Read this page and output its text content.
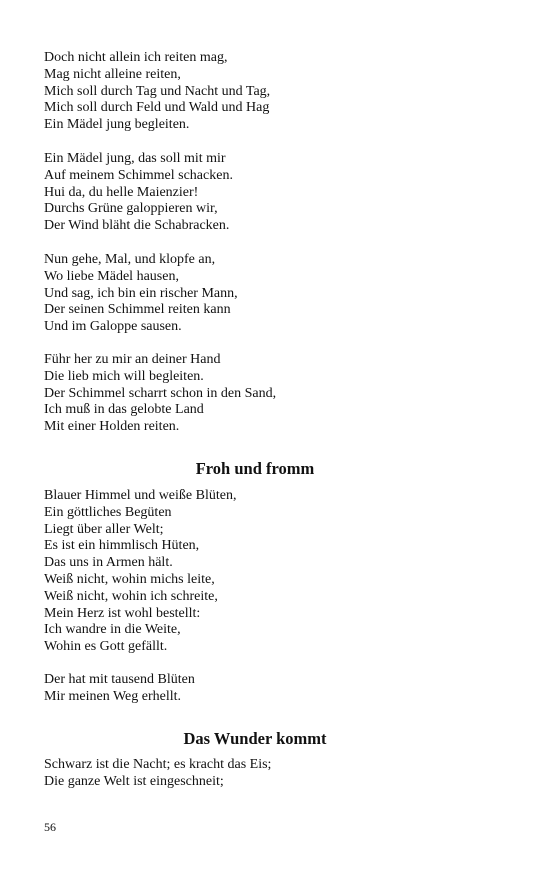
Doch nicht allein ich reiten mag,
Mag nicht alleine reiten,
Mich soll durch Tag und Nacht und Tag,
Mich soll durch Feld und Wald und Hag
Ein Mädel jung begleiten.
Ein Mädel jung, das soll mit mir
Auf meinem Schimmel schacken.
Hui da, du helle Maienzier!
Durchs Grüne galoppieren wir,
Der Wind bläht die Schabracken.
Nun gehe, Mal, und klopfe an,
Wo liebe Mädel hausen,
Und sag, ich bin ein rischer Mann,
Der seinen Schimmel reiten kann
Und im Galoppe sausen.
Führ her zu mir an deiner Hand
Die lieb mich will begleiten.
Der Schimmel scharrt schon in den Sand,
Ich muß in das gelobte Land
Mit einer Holden reiten.
Froh und fromm
Blauer Himmel und weiße Blüten,
Ein göttliches Begüten
Liegt über aller Welt;
Es ist ein himmlisch Hüten,
Das uns in Armen hält.
Weiß nicht, wohin michs leite,
Weiß nicht, wohin ich schreite,
Mein Herz ist wohl bestellt:
Ich wandre in die Weite,
Wohin es Gott gefällt.
Der hat mit tausend Blüten
Mir meinen Weg erhellt.
Das Wunder kommt
Schwarz ist die Nacht; es kracht das Eis;
Die ganze Welt ist eingeschneit;
56
